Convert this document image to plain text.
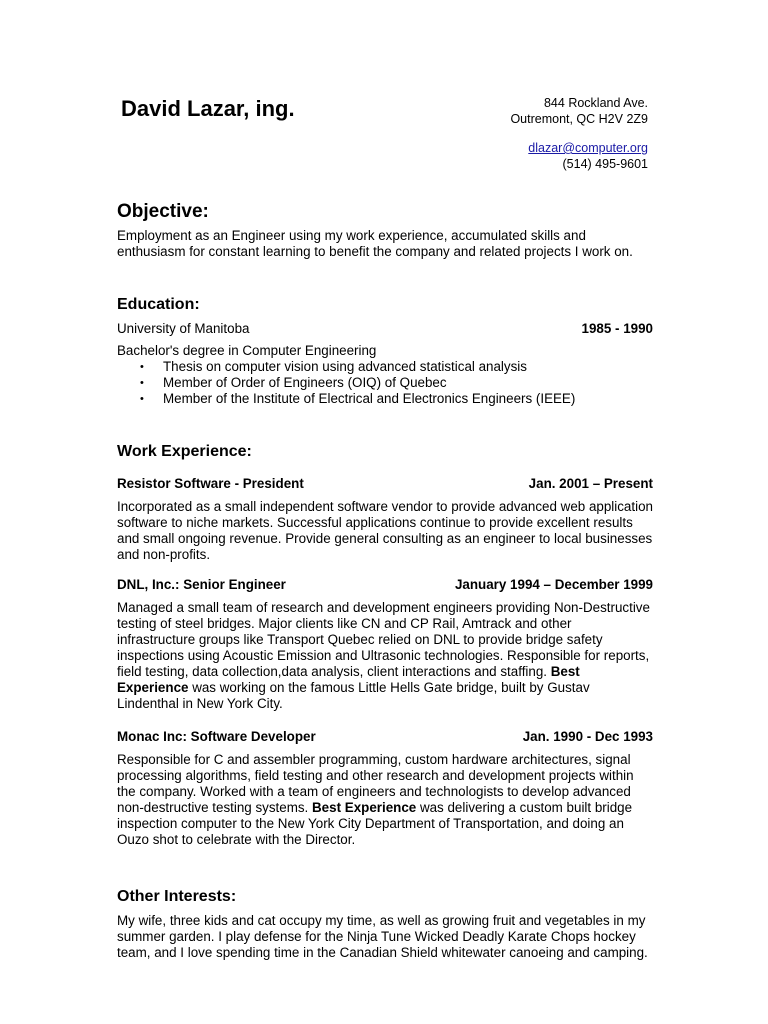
David Lazar, ing.	844 Rockland Ave.
Outremont, QC H2V 2Z9
dlazar@computer.org
(514) 495-9601
Objective:

Employment as an Engineer using my work experience, accumulated skills and enthusiasm for constant learning to benefit the company and related projects I work on.

Education:
University of Manitoba	1985 - 1990

Bachelor's degree in Computer Engineering

• Thesis on computer vision using advanced statistical analysis
• Member of Order of Engineers (OIQ) of Quebec
• Member of the Institute of Electrical and Electronics Engineers (IEEE)
Work Experience:
Resistor Software - President	Jan. 2001 – Present

Incorporated as a small independent software vendor to provide advanced web application software to niche markets. Successful applications continue to provide excellent results and small ongoing revenue. Provide general consulting as an engineer to local businesses and non-profits.

DNL, Inc.: Senior Engineer	January 1994 – December 1999

Managed a small team of research and development engineers providing Non-Destructive testing of steel bridges. Major clients like CN and CP Rail, Amtrack and other infrastructure groups like Transport Quebec relied on DNL to provide bridge safety inspections using Acoustic Emission and Ultrasonic technologies. Responsible for reports, field testing, data collection,data analysis, client interactions and staffing. Best Experience was working on the famous Little Hells Gate bridge, built by Gustav Lindenthal in New York City.

Monac Inc: Software Developer	Jan. 1990 - Dec 1993

Responsible for C and assembler programming, custom hardware architectures, signal processing algorithms, field testing and other research and development projects within the company. Worked with a team of engineers and technologists to develop advanced non-destructive testing systems. Best Experience was delivering a custom built bridge inspection computer to the New York City Department of Transportation, and doing an Ouzo shot to celebrate with the Director.

Other Interests:

My wife, three kids and cat occupy my time, as well as growing fruit and vegetables in my summer garden. I play defense for the Ninja Tune Wicked Deadly Karate Chops hockey team, and I love spending time in the Canadian Shield whitewater canoeing and camping.
